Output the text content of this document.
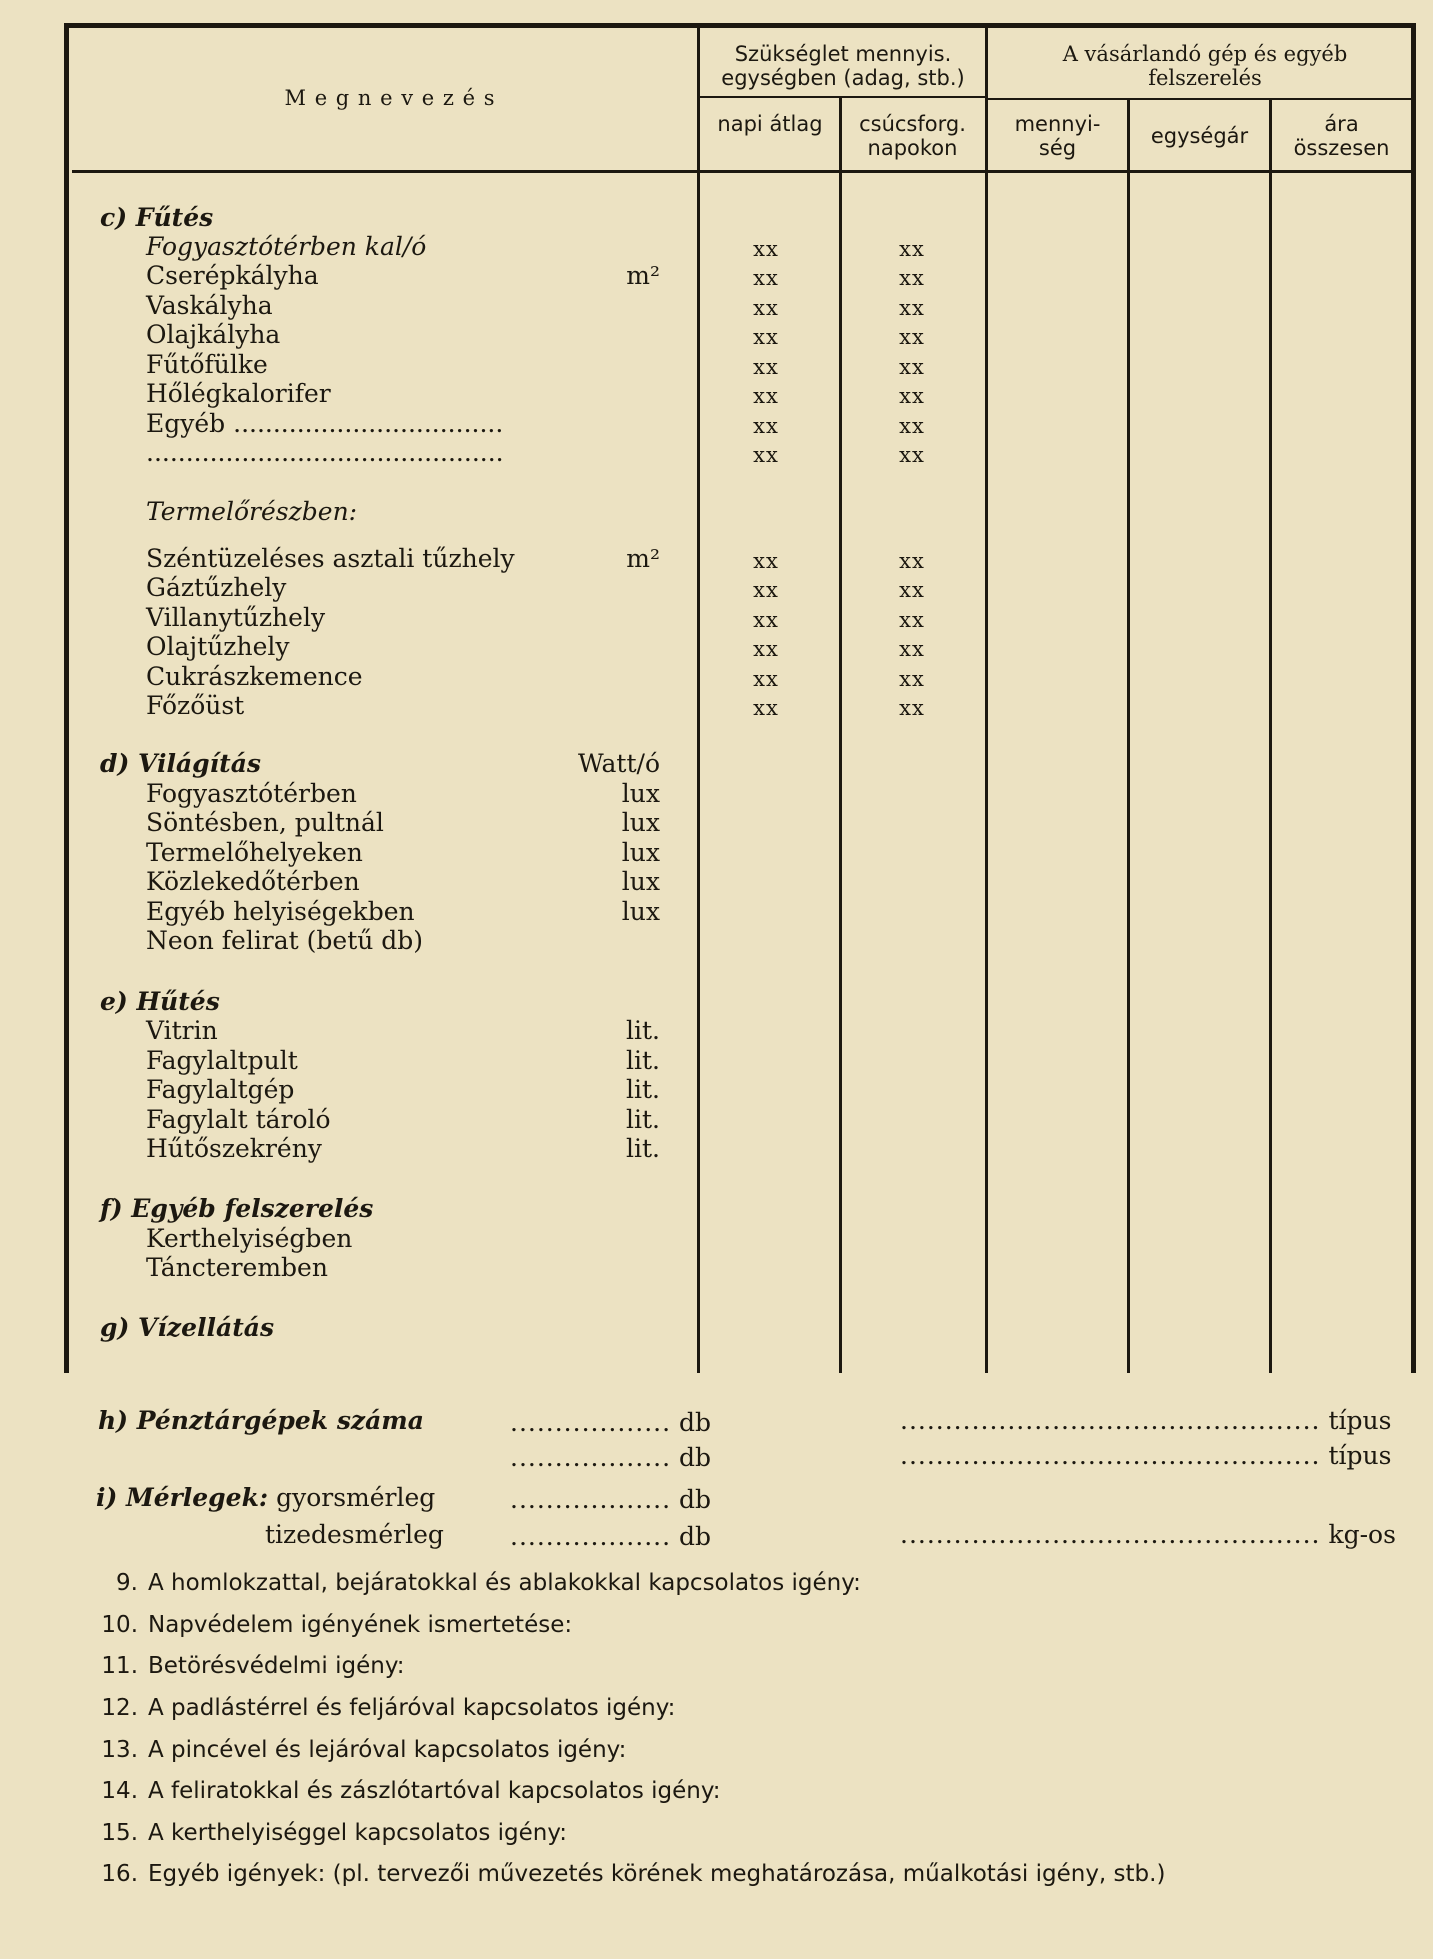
M e g n e v e z é s
Szükséglet mennyis. egységben (adag, stb.)
napi átlag	csúcsforg. napokon
A vásárlandó gép és egyéb felszerelés
mennyi-ség	egységár	ára összesen
c) Fűtés
Fogyasztótérben kal/ó	xx	xx
Cserépkályha	m²	xx	xx
Vaskályha	xx	xx
Olajkályha	xx	xx
Fűtőfülke	xx	xx
Hőlégkalorifer	xx	xx
Egyéb ..................................	xx	xx
.............................................	xx	xx
Termelőrészben:
Széntüzeléses asztali tűzhely	m²	xx	xx
Gáztűzhely	xx	xx
Villanytűzhely	xx	xx
Olajtűzhely	xx	xx
Cukrászkemence	xx	xx
Főzőüst	xx	xx
d) Világítás	Watt/ó
Fogyasztótérben	lux
Söntésben, pultnál	lux
Termelőhelyeken	lux
Közlekedőtérben	lux
Egyéb helyiségekben	lux
Neon felirat (betű db)
e) Hűtés
Vitrin	lit.
Fagylaltpult	lit.
Fagylaltgép	lit.
Fagylalt tároló	lit.
Hűtőszekrény	lit.
f) Egyéb felszerelés
Kerthelyiségben
Táncteremben
g) Vízellátás
h) Pénztárgépek száma	.................. db	............................................... típus
.................. db	............................................... típus
i) Mérlegek: gyorsmérleg	.................. db
tizedesmérleg	.................. db	............................................... kg-os
9. A homlokzattal, bejáratokkal és ablakokkal kapcsolatos igény:
10. Napvédelem igényének ismertetése:
11. Betörésvédelmi igény:
12. A padlástérrel és feljáróval kapcsolatos igény:
13. A pincével és lejáróval kapcsolatos igény:
14. A feliratokkal és zászlótartóval kapcsolatos igény:
15. A kerthelyiséggel kapcsolatos igény:
16. Egyéb igények: (pl. tervezői művezetés körének meghatározása, műalkotási igény, stb.)
